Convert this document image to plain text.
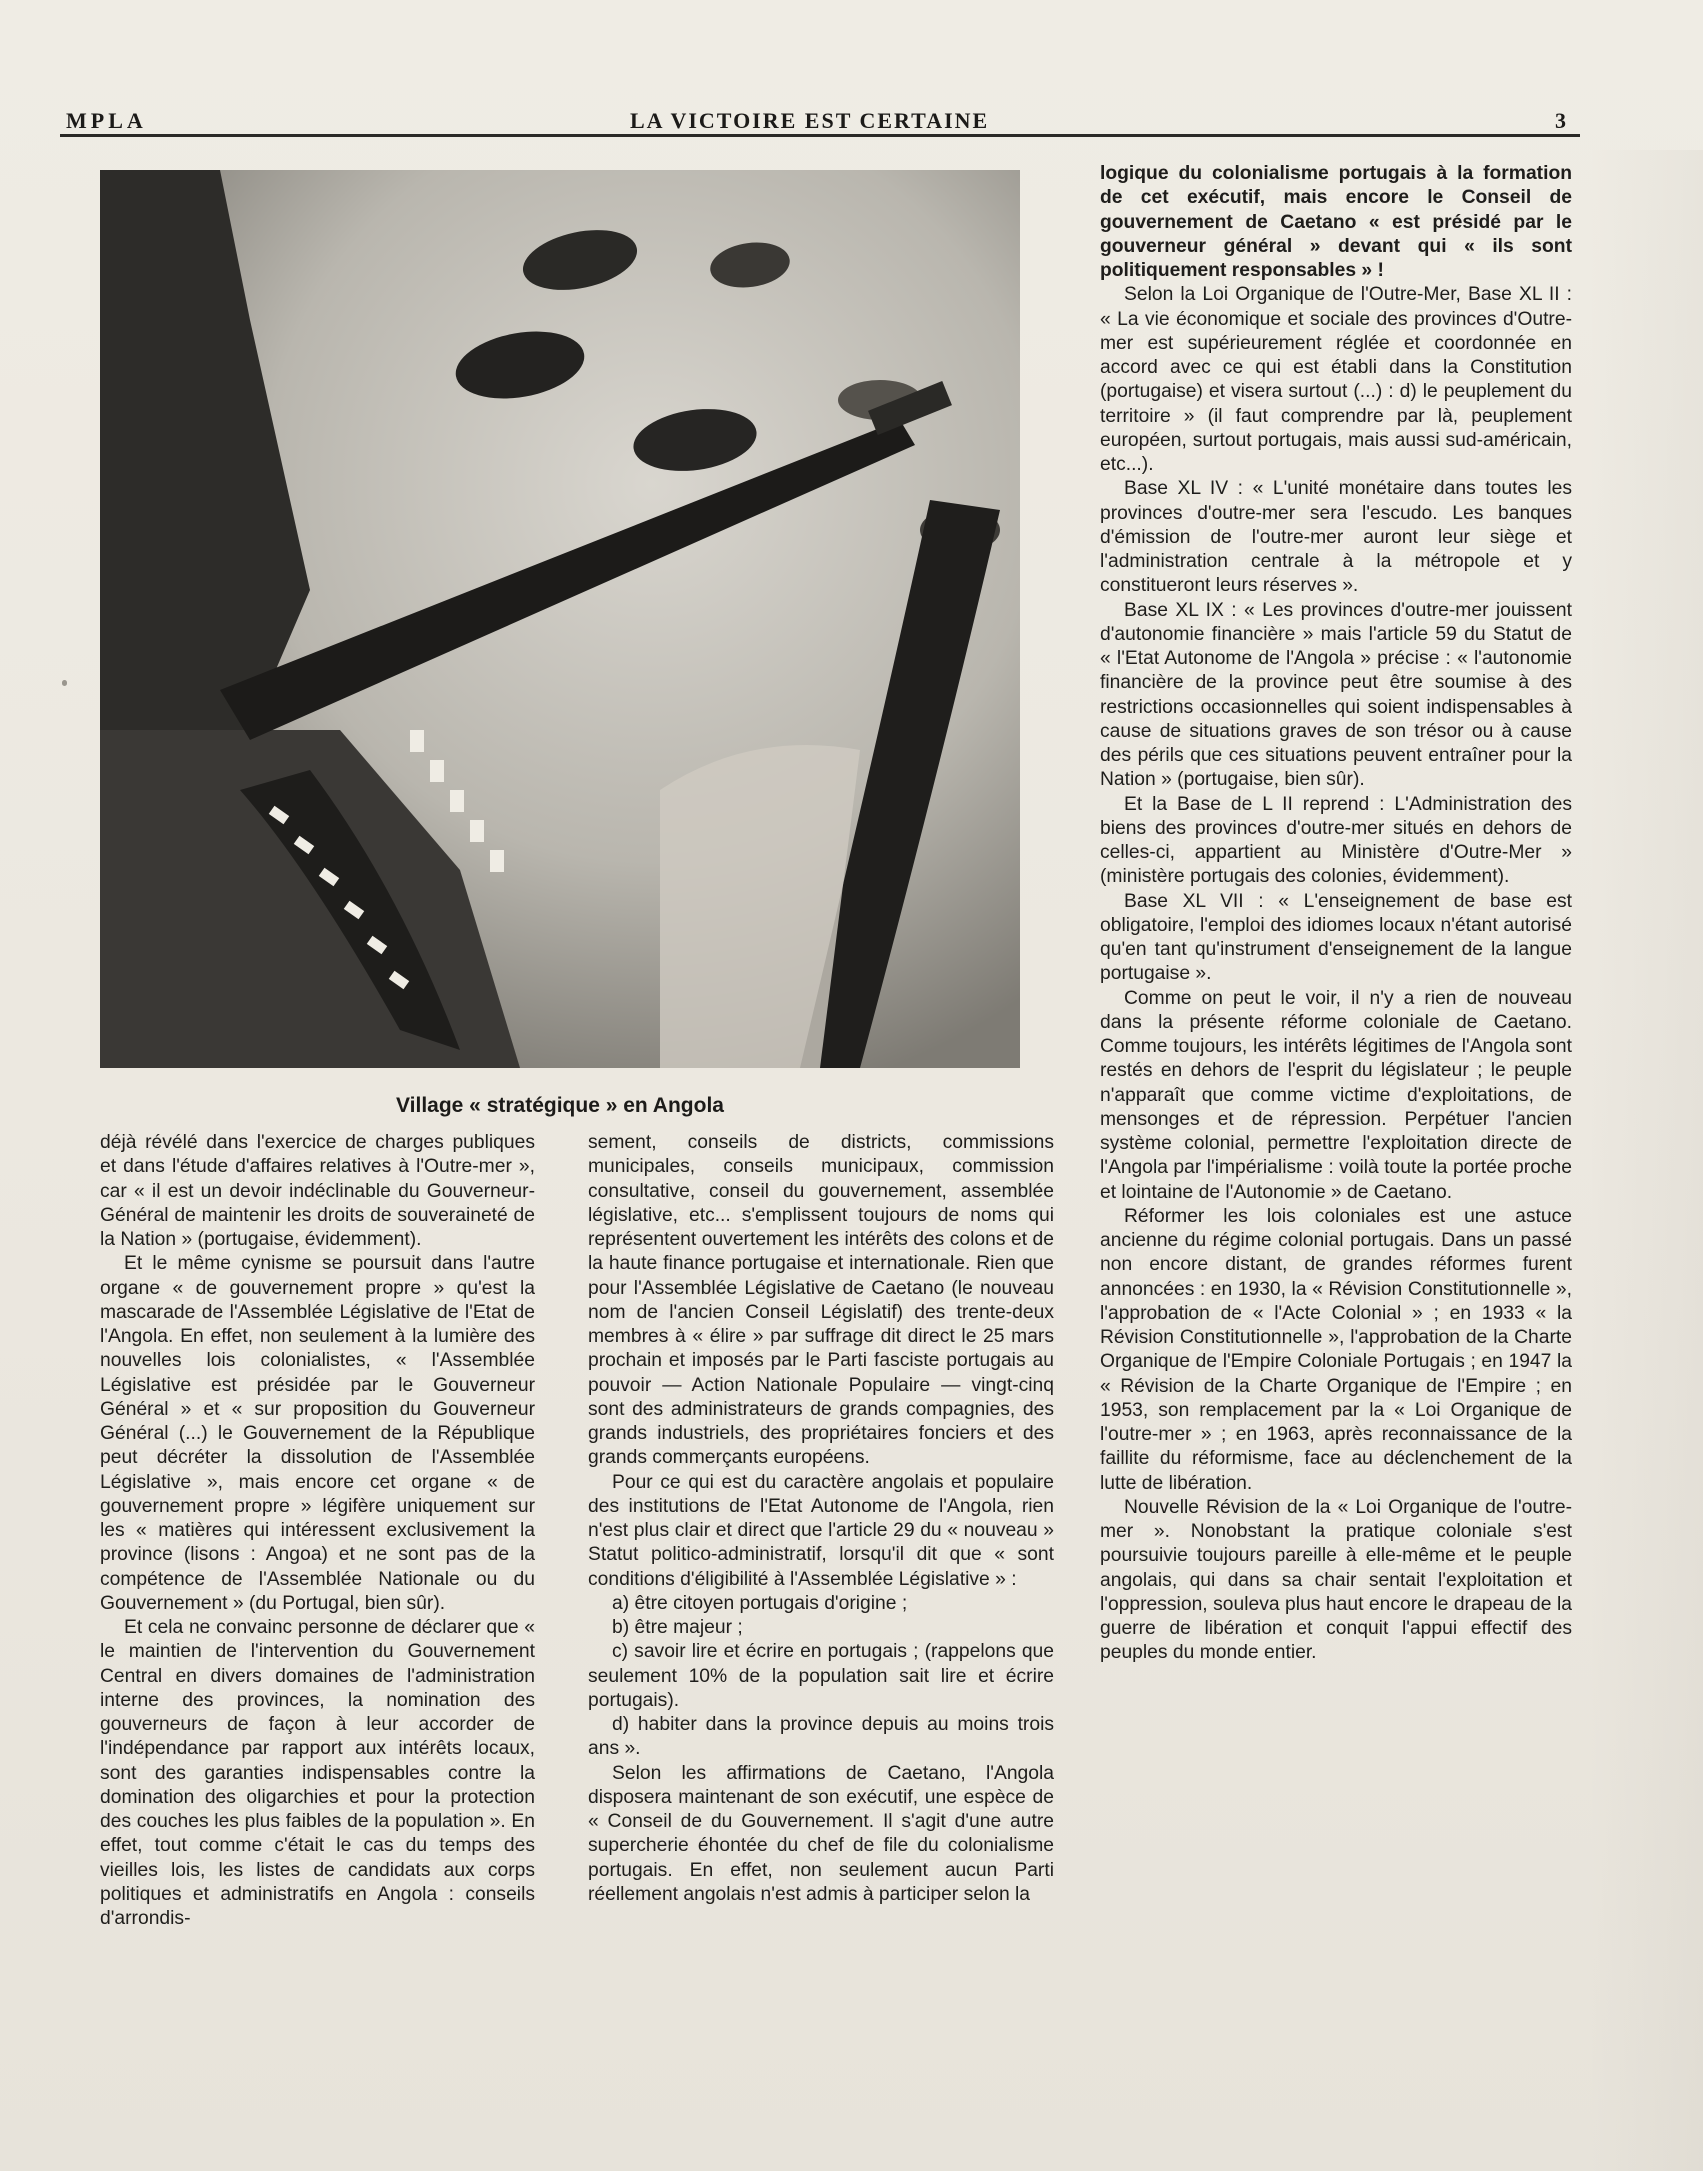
MPLA	LA VICTOIRE EST CERTAINE	3
Village « stratégique » en Angola

déjà révélé dans l'exercice de charges publiques et dans l'étude d'affaires relatives à l'Outre-mer », car « il est un devoir indéclinable du Gouverneur-Général de maintenir les droits de souveraineté de la Nation » (portugaise, évidemment).

Et le même cynisme se poursuit dans l'autre organe « de gouvernement propre » qu'est la mascarade de l'Assemblée Législative de l'Etat de l'Angola. En effet, non seulement à la lumière des nouvelles lois colonialistes, « l'Assemblée Législative est présidée par le Gouverneur Général » et « sur proposition du Gouverneur Général (...) le Gouvernement de la République peut décréter la dissolution de l'Assemblée Législative », mais encore cet organe « de gouvernement propre » légifère uniquement sur les « matières qui intéressent exclusivement la province (lisons : Angoa) et ne sont pas de la compétence de l'Assemblée Nationale ou du Gouvernement » (du Portugal, bien sûr).

Et cela ne convainc personne de déclarer que « le maintien de l'intervention du Gouvernement Central en divers domaines de l'administration interne des provinces, la nomination des gouverneurs de façon à leur accorder de l'indépendance par rapport aux intérêts locaux, sont des garanties indispensables contre la domination des oligarchies et pour la protection des couches les plus faibles de la population ». En effet, tout comme c'était le cas du temps des vieilles lois, les listes de candidats aux corps politiques et administratifs en Angola : conseils d'arrondis-

sement, conseils de districts, commissions municipales, conseils municipaux, commission consultative, conseil du gouvernement, assemblée législative, etc... s'emplissent toujours de noms qui représentent ouvertement les intérêts des colons et de la haute finance portugaise et internationale. Rien que pour l'Assemblée Législative de Caetano (le nouveau nom de l'ancien Conseil Législatif) des trente-deux membres à « élire » par suffrage dit direct le 25 mars prochain et imposés par le Parti fasciste portugais au pouvoir — Action Nationale Populaire — vingt-cinq sont des administrateurs de grands compagnies, des grands industriels, des propriétaires fonciers et des grands commerçants européens.

Pour ce qui est du caractère angolais et populaire des institutions de l'Etat Autonome de l'Angola, rien n'est plus clair et direct que l'article 29 du « nouveau » Statut politico-administratif, lorsqu'il dit que « sont conditions d'éligibilité à l'Assemblée Législative » :

a) être citoyen portugais d'origine ;

b) être majeur ;

c) savoir lire et écrire en portugais ; (rappelons que seulement 10% de la population sait lire et écrire portugais).

d) habiter dans la province depuis au moins trois ans ».

Selon les affirmations de Caetano, l'Angola disposera maintenant de son exécutif, une espèce de « Conseil de du Gouvernement. Il s'agit d'une autre supercherie éhontée du chef de file du colonialisme portugais. En effet, non seulement aucun Parti réellement angolais n'est admis à participer selon la

logique du colonialisme portugais à la formation de cet exécutif, mais encore le Conseil de gouvernement de Caetano « est présidé par le gouverneur général » devant qui « ils sont politiquement responsables » !

Selon la Loi Organique de l'Outre-Mer, Base XL II : « La vie économique et sociale des provinces d'Outre-mer est supérieurement réglée et coordonnée en accord avec ce qui est établi dans la Constitution (portugaise) et visera surtout (...) : d) le peuplement du territoire » (il faut comprendre par là, peuplement européen, surtout portugais, mais aussi sud-américain, etc...).

Base XL IV : « L'unité monétaire dans toutes les provinces d'outre-mer sera l'escudo. Les banques d'émission de l'outre-mer auront leur siège et l'administration centrale à la métropole et y constitueront leurs réserves ».

Base XL IX : « Les provinces d'outre-mer jouissent d'autonomie financière » mais l'article 59 du Statut de « l'Etat Autonome de l'Angola » précise : « l'autonomie financière de la province peut être soumise à des restrictions occasionnelles qui soient indispensables à cause de situations graves de son trésor ou à cause des périls que ces situations peuvent entraîner pour la Nation » (portugaise, bien sûr).

Et la Base de L II reprend : L'Administration des biens des provinces d'outre-mer situés en dehors de celles-ci, appartient au Ministère d'Outre-Mer » (ministère portugais des colonies, évidemment).

Base XL VII : « L'enseignement de base est obligatoire, l'emploi des idiomes locaux n'étant autorisé qu'en tant qu'instrument d'enseignement de la langue portugaise ».

Comme on peut le voir, il n'y a rien de nouveau dans la présente réforme coloniale de Caetano. Comme toujours, les intérêts légitimes de l'Angola sont restés en dehors de l'esprit du législateur ; le peuple n'apparaît que comme victime d'exploitations, de mensonges et de répression. Perpétuer l'ancien système colonial, permettre l'exploitation directe de l'Angola par l'impérialisme : voilà toute la portée proche et lointaine de l'Autonomie » de Caetano.

Réformer les lois coloniales est une astuce ancienne du régime colonial portugais. Dans un passé non encore distant, de grandes réformes furent annoncées : en 1930, la « Révision Constitutionnelle », l'approbation de « l'Acte Colonial » ; en 1933 « la Révision Constitutionnelle », l'approbation de la Charte Organique de l'Empire Coloniale Portugais ; en 1947 la « Révision de la Charte Organique de l'Empire ; en 1953, son remplacement par la « Loi Organique de l'outre-mer » ; en 1963, après reconnaissance de la faillite du réformisme, face au déclenchement de la lutte de libération.

Nouvelle Révision de la « Loi Organique de l'outre-mer ». Nonobstant la pratique coloniale s'est poursuivie toujours pareille à elle-même et le peuple angolais, qui dans sa chair sentait l'exploitation et l'oppression, souleva plus haut encore le drapeau de la guerre de libération et conquit l'appui effectif des peuples du monde entier.
